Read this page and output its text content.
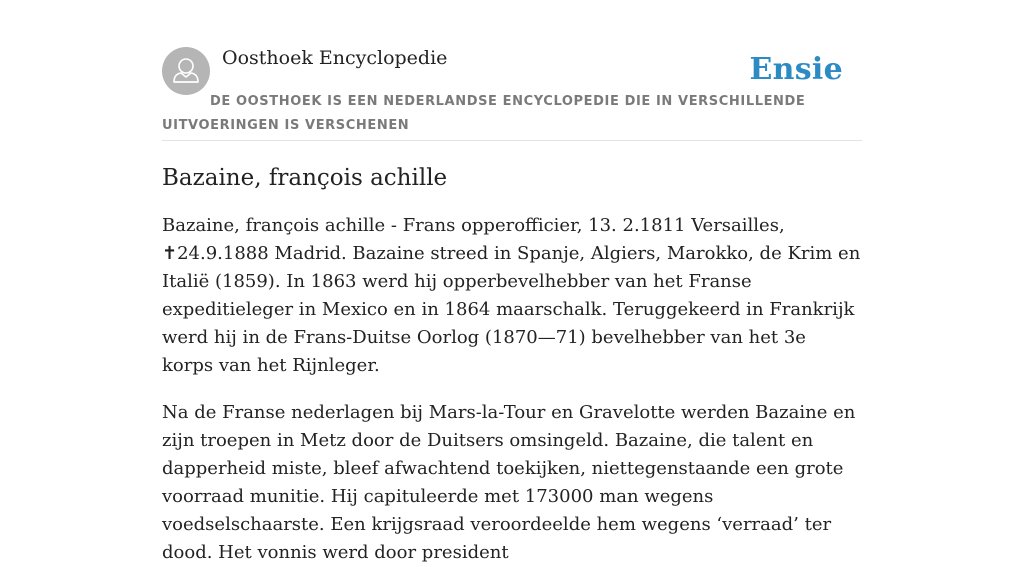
Oosthoek Encyclopedie	Ensie
DE OOSTHOEK IS EEN NEDERLANDSE ENCYCLOPEDIE DIE IN VERSCHILLENDE UITVOERINGEN IS VERSCHENEN
Bazaine, françois achille

Bazaine, françois achille - Frans opperofficier, 13. 2.1811 Versailles, ✝24.9.1888 Madrid. Bazaine streed in Spanje, Algiers, Marokko, de Krim en Italië (1859). In 1863 werd hij opperbevelhebber van het Franse expeditieleger in Mexico en in 1864 maarschalk. Teruggekeerd in Frankrijk werd hij in de Frans-Duitse Oorlog (1870—71) bevelhebber van het 3e korps van het Rijnleger.

Na de Franse nederlagen bij Mars-la-Tour en Gravelotte werden Bazaine en zijn troepen in Metz door de Duitsers omsingeld. Bazaine, die talent en dapperheid miste, bleef afwachtend toekijken, niettegenstaande een grote voorraad munitie. Hij capituleerde met 173000 man wegens voedselschaarste. Een krijgsraad veroordeelde hem wegens ‘verraad’ ter dood. Het vonnis werd door president
